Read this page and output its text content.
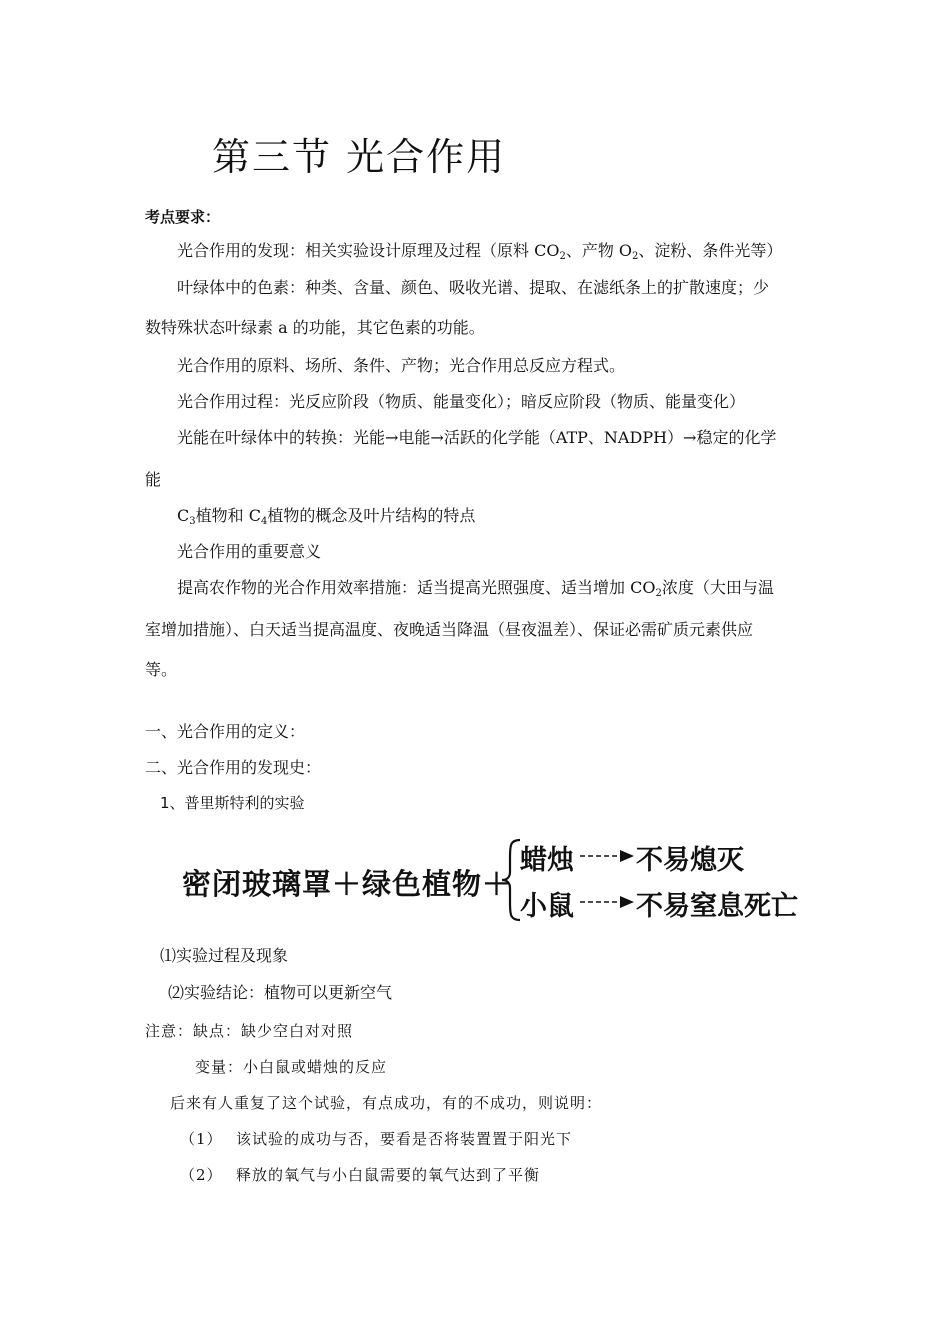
第三节 光合作用
考点要求：
光合作用的发现：相关实验设计原理及过程（原料 $CO_2$、产物 $O_2$、淀粉、条件光等）
叶绿体中的色素：种类、含量、颜色、吸收光谱、提取、在滤纸条上的扩散速度；少
数特殊状态叶绿素 a 的功能，其它色素的功能。
光合作用的原料、场所、条件、产物；光合作用总反应方程式。
光合作用过程：光反应阶段（物质、能量变化）；暗反应阶段（物质、能量变化）
光能在叶绿体中的转换：光能→电能→活跃的化学能（ATP、NADPH）→稳定的化学
能
$C_3$植物和 $C_4$植物的概念及叶片结构的特点
光合作用的重要意义
提高农作物的光合作用效率措施：适当提高光照强度、适当增加 $CO_2$浓度（大田与温
室增加措施）、白天适当提高温度、夜晚适当降温（昼夜温差）、保证必需矿质元素供应
等。
一、光合作用的定义：
二、光合作用的发现史：
1、普里斯特利的实验
密闭玻璃罩＋绿色植物＋
蜡烛 不易熄灭
小鼠 不易窒息死亡
⑴实验过程及现象
⑵实验结论：植物可以更新空气
注意：缺点：缺少空白对对照
变量：小白鼠或蜡烛的反应
后来有人重复了这个试验，有点成功，有的不成功，则说明：
（1） 该试验的成功与否，要看是否将装置置于阳光下
（2） 释放的氧气与小白鼠需要的氧气达到了平衡
